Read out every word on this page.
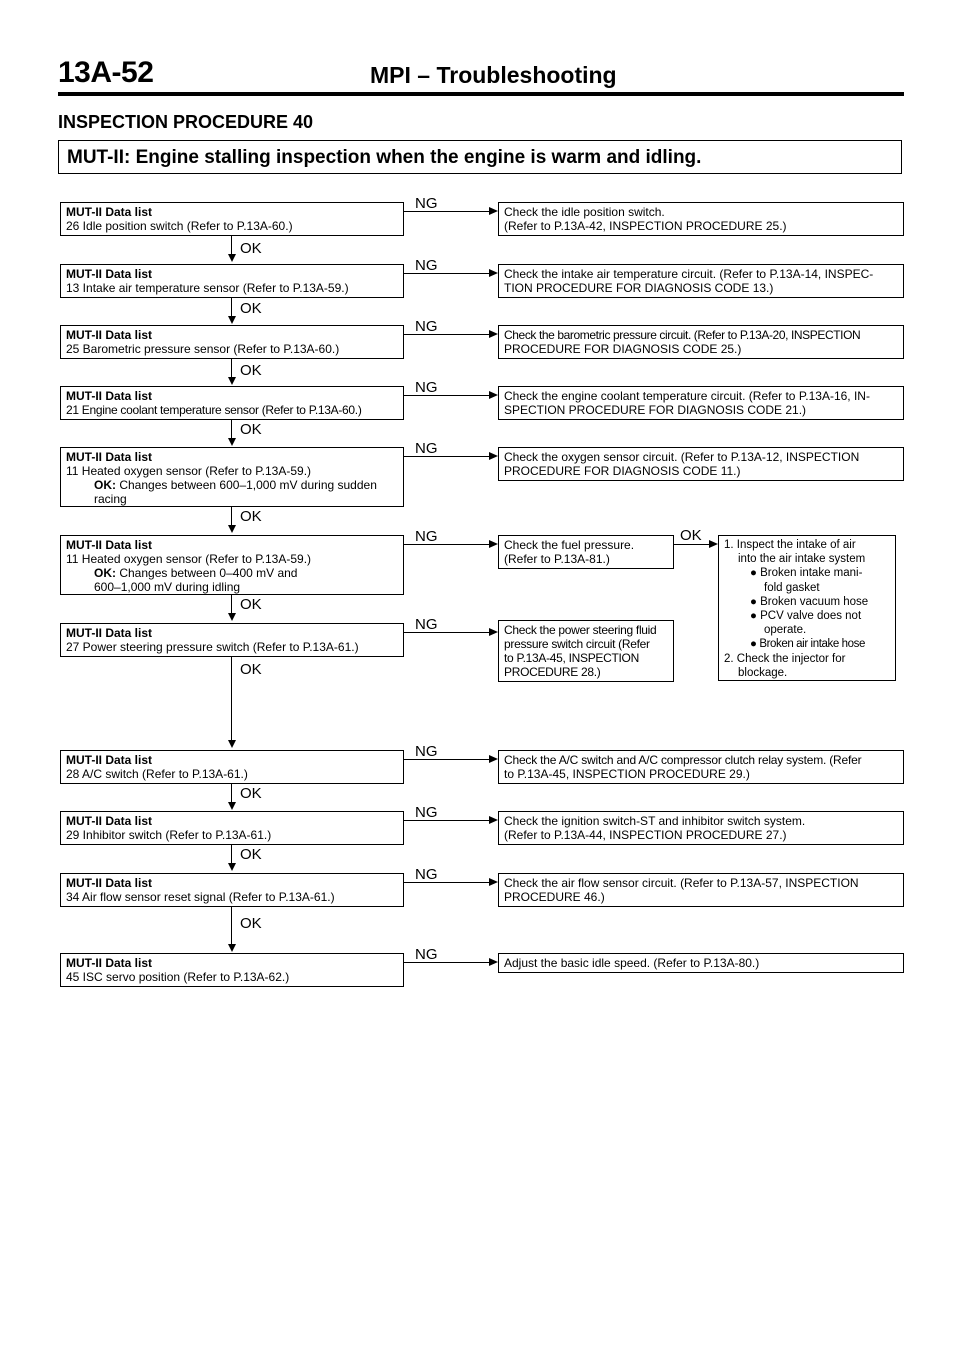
13A-52	MPI – Troubleshooting
INSPECTION PROCEDURE 40
MUT-II: Engine stalling inspection when the engine is warm and idling.
MUT-II Data list
26 Idle position switch (Refer to P.13A-60.)
Check the idle position switch.
(Refer to P.13A-42, INSPECTION PROCEDURE 25.)
NG
OK
MUT-II Data list
13 Intake air temperature sensor (Refer to P.13A-59.)
Check the intake air temperature circuit. (Refer to P.13A-14, INSPEC-
TION PROCEDURE FOR DIAGNOSIS CODE 13.)
NG
OK
MUT-II Data list
25 Barometric pressure sensor (Refer to P.13A-60.)
Check the barometric pressure circuit. (Refer to P.13A-20, INSPECTION
PROCEDURE FOR DIAGNOSIS CODE 25.)
NG
OK
MUT-II Data list
21 Engine coolant temperature sensor (Refer to P.13A-60.)
Check the engine coolant temperature circuit. (Refer to P.13A-16, IN-
SPECTION PROCEDURE FOR DIAGNOSIS CODE 21.)
NG
OK
MUT-II Data list
11 Heated oxygen sensor (Refer to P.13A-59.)
OK: Changes between 600–1,000 mV during sudden
racing
Check the oxygen sensor circuit. (Refer to P.13A-12, INSPECTION
PROCEDURE FOR DIAGNOSIS CODE 11.)
NG
OK
MUT-II Data list
11 Heated oxygen sensor (Refer to P.13A-59.)
OK: Changes between 0–400 mV and
600–1,000 mV during idling
Check the fuel pressure.
(Refer to P.13A-81.)
NG	OK
1. Inspect the intake of air
into the air intake system
● Broken intake mani-
fold gasket
● Broken vacuum hose
● PCV valve does not
operate.
● Broken air intake hose
2. Check the injector for
blockage.
OK
MUT-II Data list
27 Power steering pressure switch (Refer to P.13A-61.)
Check the power steering fluid
pressure switch circuit (Refer
to P.13A-45, INSPECTION
PROCEDURE 28.)
NG
OK
MUT-II Data list
28 A/C switch (Refer to P.13A-61.)
Check the A/C switch and A/C compressor clutch relay system. (Refer
to P.13A-45, INSPECTION PROCEDURE 29.)
NG
OK
MUT-II Data list
29 Inhibitor switch (Refer to P.13A-61.)
Check the ignition switch-ST and inhibitor switch system.
(Refer to P.13A-44, INSPECTION PROCEDURE 27.)
NG
OK
MUT-II Data list
34 Air flow sensor reset signal (Refer to P.13A-61.)
Check the air flow sensor circuit. (Refer to P.13A-57, INSPECTION
PROCEDURE 46.)
NG
OK
MUT-II Data list
45 ISC servo position (Refer to P.13A-62.)
Adjust the basic idle speed. (Refer to P.13A-80.)
NG
